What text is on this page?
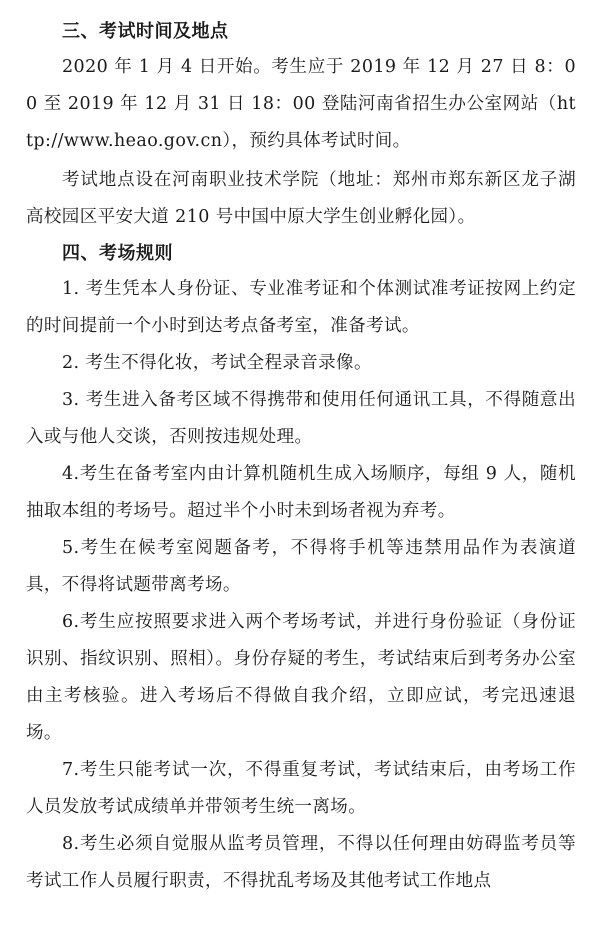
三、考试时间及地点

2020 年 1 月 4 日开始。考生应于 2019 年 12 月 27 日 8：00 至 2019 年 12 月 31 日 18：00 登陆河南省招生办公室网站（http://www.heao.gov.cn），预约具体考试时间。

考试地点设在河南职业技术学院（地址：郑州市郑东新区龙子湖高校园区平安大道 210 号中国中原大学生创业孵化园）。

四、考场规则

1. 考生凭本人身份证、专业准考证和个体测试准考证按网上约定的时间提前一个小时到达考点备考室，准备考试。

2. 考生不得化妆，考试全程录音录像。

3. 考生进入备考区域不得携带和使用任何通讯工具，不得随意出入或与他人交谈，否则按违规处理。

4.考生在备考室内由计算机随机生成入场顺序，每组 9 人，随机抽取本组的考场号。超过半个小时未到场者视为弃考。

5.考生在候考室阅题备考，不得将手机等违禁用品作为表演道具，不得将试题带离考场。

6.考生应按照要求进入两个考场考试，并进行身份验证（身份证识别、指纹识别、照相）。身份存疑的考生，考试结束后到考务办公室由主考核验。进入考场后不得做自我介绍，立即应试，考完迅速退场。

7.考生只能考试一次，不得重复考试，考试结束后，由考场工作人员发放考试成绩单并带领考生统一离场。

8.考生必须自觉服从监考员管理，不得以任何理由妨碍监考员等考试工作人员履行职责，不得扰乱考场及其他考试工作地点
